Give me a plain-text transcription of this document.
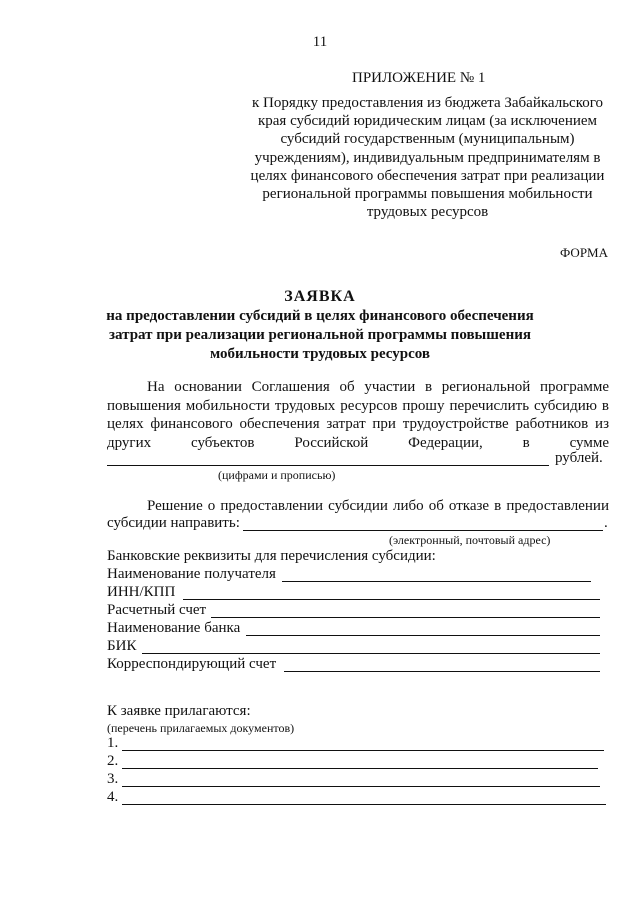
11
ПРИЛОЖЕНИЕ № 1
к Порядку предоставления из бюджета Забайкальского
края субсидий юридическим лицам (за исключением
субсидий государственным (муниципальным)
учреждениям), индивидуальным предпринимателям в
целях финансового обеспечения затрат при реализации
региональной программы повышения мобильности
трудовых ресурсов
ФОРМА
ЗАЯВКА
на предоставлении субсидий в целях финансового обеспечения
затрат при реализации региональной программы повышения
мобильности трудовых ресурсов
На основании Соглашения об участии в региональной программе
повышения мобильности трудовых ресурсов прошу перечислить субсидию в
целях финансового обеспечения затрат при трудоустройстве работников из
других субъектов Российской Федерации, в сумме
рублей.
(цифрами и прописью)
Решение о предоставлении субсидии либо об отказе в предоставлении
субсидии направить:	.
(электронный, почтовый адрес)
Банковские реквизиты для перечисления субсидии:
Наименование получателя
ИНН/КПП
Расчетный счет
Наименование банка
БИК
Корреспондирующий счет
К заявке прилагаются:
(перечень прилагаемых документов)
1.
2.
3.
4.
